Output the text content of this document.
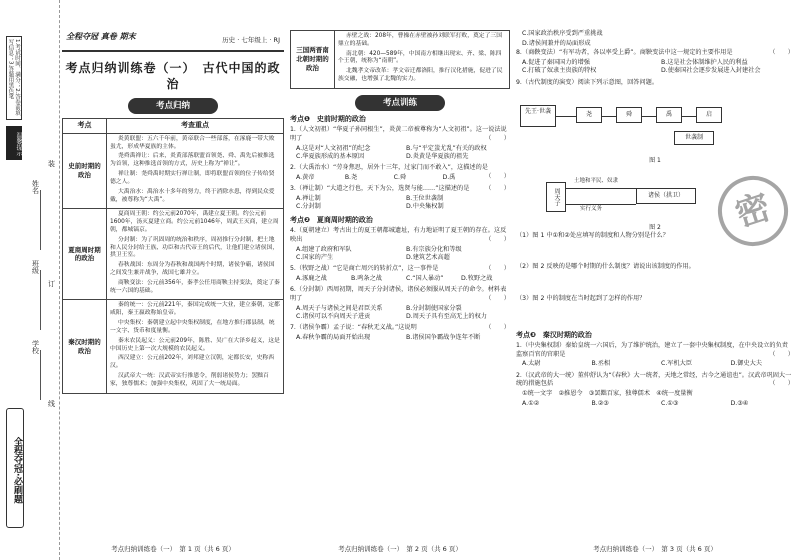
1.考试时间、满分；2.答卷前填写信息；3.答题用黑色笔
温馨提示
姓名
班级
学校
装
订
线
全程夺冠·必刷题
全程夺冠 真卷 期末	历史 · 七年级上 · RJ
考点归纳训练卷（一）　古代中国的政治
考点归纳
考点	考查重点
史前时期的政治	炎黄联盟：五六千年前，黄帝联合一些部落，在涿鹿一带大败蚩尤，形成华夏族的主体。

尧舜禹禅让：后来，炎黄部落联盟首领尧、舜、禹先后被推选为首领，这种推选首领的方式，历史上称为“禅让”。

禅让制：尧舜禹时期实行禅让制，即将联盟首领的位子传给贤德之人。

大禹治水：禹治水十多年的努力，终于消除水患，得到民众爱戴，被尊称为“大禹”。

夏商周时期的政治	夏商周王朝：约公元前2070年，禹建立夏王朝。约公元前1600年，汤灭夏建立商。约公元前1046年，周武王灭商，建立周朝，都城镐京。

分封制：为了巩固周的统治和秩序，周初推行分封制，把土地和人民分封给王族、功臣和古代帝王的后代，让他们建立诸侯国，拱卫王室。

春秋战国：东周分为春秋和战国两个时期，诸侯争霸，诸侯国之间发生兼并战争，战国七雄并立。

商鞅变法：公元前356年，秦孝公任用商鞅主持变法，奠定了秦统一六国的基础。

秦汉时期的政治	秦的统一：公元前221年，秦国完成统一大业，建立秦朝，定都咸阳，秦王嬴政称始皇帝。

中央集权：秦朝建立起中央集权制度，在地方推行郡县制，统一文字、货币和度量衡。

秦末农民起义：公元前209年，陈胜、吴广在大泽乡起义，这是中国历史上第一次大规模的农民起义。

西汉建立：公元前202年，刘邦建立汉朝，定都长安，史称西汉。

汉武帝大一统：汉武帝实行推恩令，削弱诸侯势力；罢黜百家，独尊儒术；加强中央集权，巩固了大一统局面。

考点归纳训练卷（一）　第 1 页（共 6 页）
三国两晋南北朝时期的政治	

赤壁之战：208年，曹操在赤壁被孙刘联军打败，奠定了三国鼎立的基础。

南北朝：420—589年，中国南方相继出现宋、齐、梁、陈四个王朝，统称为“南朝”。

北魏孝文帝改革：孝文帝迁都洛阳，推行汉化措施，促进了民族交融，也增强了北魏的实力。

考点训练
考点❶　史前时期的政治
1.（人文初祖）“华夏子孙同根生”，炎黄二帝被尊称为“人文初祖”。这一说法说明了	（　　）
A.这是对“人文初祖”的纪念	B.与“平定蚩尤乱”有关的政权
C.华夏族形成的基本原因	D.炎黄是华夏族的祖先
2.（大禹治水）“劳身焦思，居外十三年，过家门而不敢入”，这描述的是
（　　）
A.黄帝	B.尧	C.舜	D.禹
3.（禅让制）“大道之行也，天下为公，选贤与能……”这描述的是	（　　）
A.禅让制	B.王位世袭制
C.分封制	D.中央集权制
考点❷　夏商周时期的政治
4.（夏朝建立）考古出土的夏王朝都城遗址，有力地证明了夏王朝的存在。这反映出	（　　）
A.组建了政府和军队	B.有宗族分化和等级
C.国家的产生	D.建筑艺术高超
5.（牧野之战）“它是商亡周兴的转折点”，这一事件是	（　　）
A.涿鹿之战	B.鸣条之战	C.“国人暴动”	D.牧野之战
6.（分封制）西周初期，周天子分封诸侯，诸侯必须服从周天子的命令。材料表明了	（　　）
A.周天子与诸侯之间是君臣关系	B.分封制使国家分裂
C.诸侯可以不向周天子进贡	D.周天子具有至高无上的权力
7.（诸侯争霸）孟子说：“春秋无义战。”这说明	（　　）
A.春秋争霸的局面开始出现	B.诸侯国争霸战争连年不断
考点归纳训练卷（一）　第 2 页（共 6 页）
C.国家政治秩序受到严重挑战
D.诸侯间兼并的局面形成
8.（商鞅变法）“有军功者，各以率受上爵”。商鞅变法中这一规定的主要作用是	（　　）
A.促进了秦国国力的增强	B.这是社会体制维护人民的利益
C.打破了奴隶主贵族的特权	D.使秦国社会逐步发展进入封建社会
9.（古代制度的演变）阅读下列示意图，回答问题。
先王·世袭	尧	舜	禹	启
世袭制
图 1
周天子
土地和平民、奴隶
实行义务
诸侯（拱卫）
图 2
（1）图 1 中①和②处应填写的制度和人物分别是什么？
（2）图 2 反映的是哪个时期的什么制度？请说出该制度的作用。
（3）图 2 中的制度在当时起到了怎样的作用？
考点❸　秦汉时期的政治
1.（中央集权制）秦始皇统一六国后，为了维护统治，建立了一套中央集权制度，在中央设立的负责监察百官的官职是	（　　）
A.太尉	B.丞相	C.军机大臣	D.御史大夫
2.（汉武帝的大一统）董仲舒认为“《春秋》大一统者，天地之常经，古今之通谊也”。汉武帝巩固大一统的措施包括	（　　）
①统一文字　②推恩令　③罢黜百家，独尊儒术　④统一度量衡
A.①②	B.②③	C.①③	D.③④
密
考点归纳训练卷（一）　第 3 页（共 6 页）
